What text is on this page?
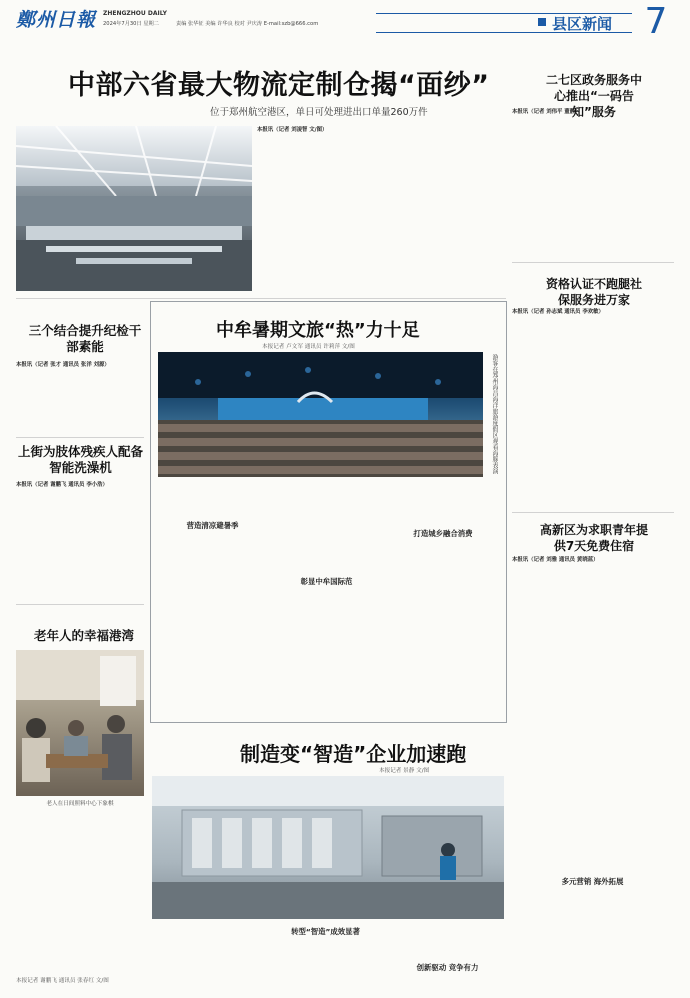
鄭州日報 ZHENGZHOU DAILY
2024年7月30日 星期二	责编 张华征 美编 许华良 校对 尹庆涛 E-mail:szb@666.com	县区新闻 7
中部六省最大物流定制仓揭“面纱”
位于郑州航空港区，单日可处理进出口单量260万件
本报讯（记者 刘凌智 文/图）
三个结合提升纪检干部素能
本报讯（记者 张才 通讯员 张洋 刘源）
上街为肢体残疾人配备智能洗澡机
本报讯（记者 谢鹏飞 通讯员 李小浩）
老年人的幸福港湾
老人在日间照料中心下象棋
本报记者 谢鹏飞 通讯员 张春红 文/图
中牟暑期文旅“热”力十足
本报记者 卢文军 通讯员 许莉萍 文/图
游客在郑州海昌海洋旅游度假区观看海豚表演
营造清凉避暑季
彰显中牟国际范
打造城乡融合消费
制造变“智造”企业加速跑
本报记者 景静 文/图
转型“智造”成效显著
创新驱动 竞争有力
多元营销 海外拓展
二七区政务服务中心推出“一码告知”服务
本报讯（记者 刘伟平 董静）
资格认证不跑腿社保服务进万家
本报讯（记者 孙志斌 通讯员 李欢敏）
高新区为求职青年提供7天免费住宿
本报讯（记者 刘雅 通讯员 黄晓蓝）
